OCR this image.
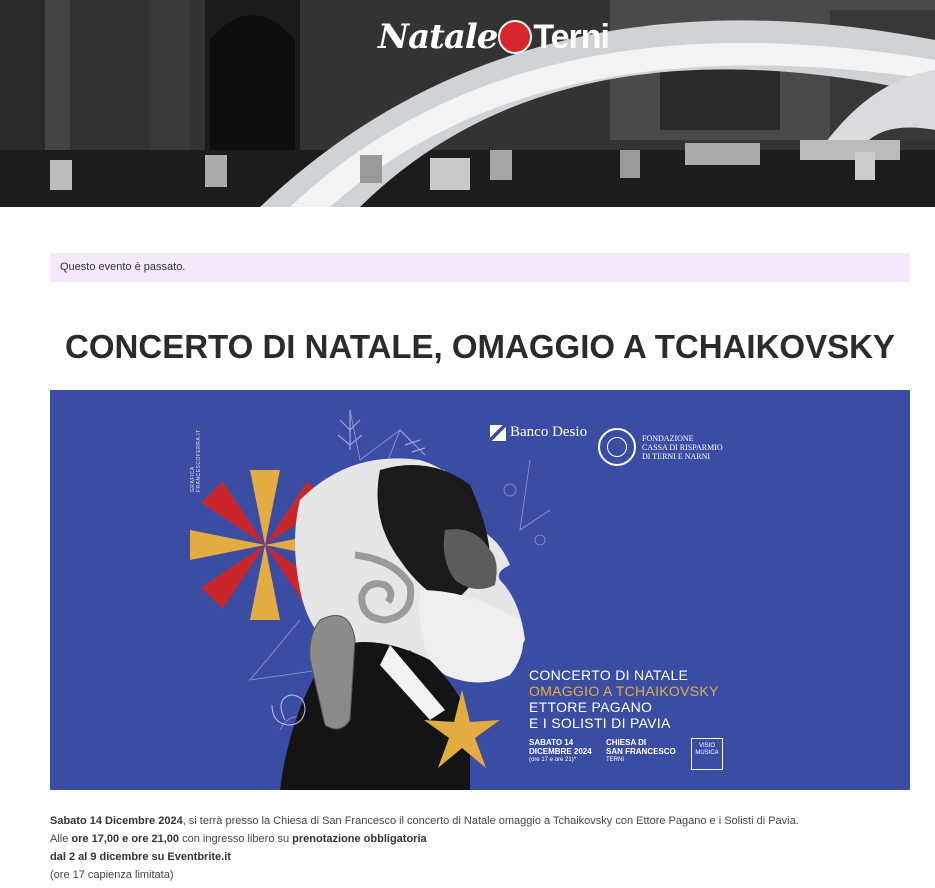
Natale Terni
Questo evento è passato.
CONCERTO DI NATALE, OMAGGIO A TCHAIKOVSKY
GRAFICA FRANCESCOFERRA.IT	Banco Desio	FONDAZIONE
CASSA DI RISPARMIO
DI TERNI E NARNI
CONCERTO DI NATALE
OMAGGIO A TCHAIKOVSKY
ETTORE PAGANO
E I SOLISTI DI PAVIA
SABATO 14
DICEMBRE 2024
(ore 17 e ore 21)*
CHIESA DI
SAN FRANCESCO
TERNI
VISIO
MUSICA

Sabato 14 Dicembre 2024, si terrà presso la Chiesa di San Francesco il concerto di Natale omaggio a Tchaikovsky con Ettore Pagano e i Solisti di Pavia.

Alle ore 17,00 e ore 21,00 con ingresso libero su prenotazione obbligatoria

dal 2 al 9 dicembre su Eventbrite.it

(ore 17 capienza limitata)
